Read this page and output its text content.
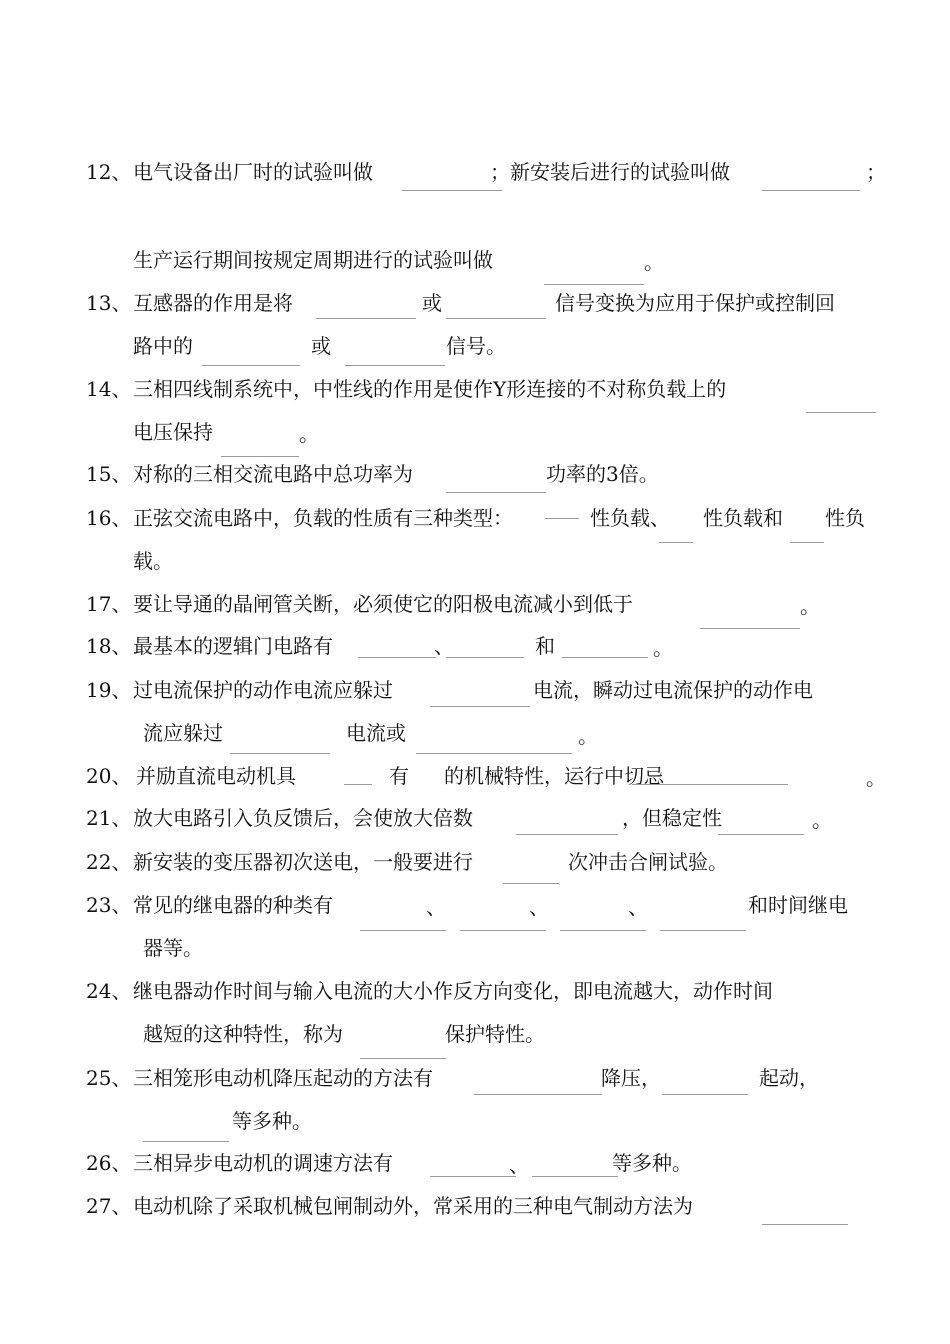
12、 电气设备出厂时的试验叫做	；新安装后进行的试验叫做	；
生产运行期间按规定周期进行的试验叫做	。
13、 互感器的作用是将	或	信号变换为应用于保护或控制回
路中的	或	信号。
14、 三相四线制系统中，中性线的作用是使作Y形连接的不对称负载上的
电压保持	。
15、 对称的三相交流电路中总功率为	功率的3倍。
16、 正弦交流电路中，负载的性质有三种类型：	性负载、 性负载和 性负
载。
17、 要让导通的晶闸管关断，必须使它的阳极电流减小到低于	。
18、 最基本的逻辑门电路有	、	和	。
19、 过电流保护的动作电流应躲过	电流，瞬动过电流保护的动作电
流应躲过	电流或	。
20、 并励直流电动机具	有 的机械特性，运行中切忌	。
21、 放大电路引入负反馈后，会使放大倍数	，但稳定性	。
22、 新安装的变压器初次送电，一般要进行	次冲击合闸试验。
23、 常见的继电器的种类有	、	、	、	和时间继电
器等。
24、 继电器动作时间与输入电流的大小作反方向变化，即电流越大，动作时间
越短的这种特性，称为	保护特性。
25、 三相笼形电动机降压起动的方法有	降压，	起动，
等多种。
26、 三相异步电动机的调速方法有	、	等多种。
27、 电动机除了采取机械包闸制动外，常采用的三种电气制动方法为
